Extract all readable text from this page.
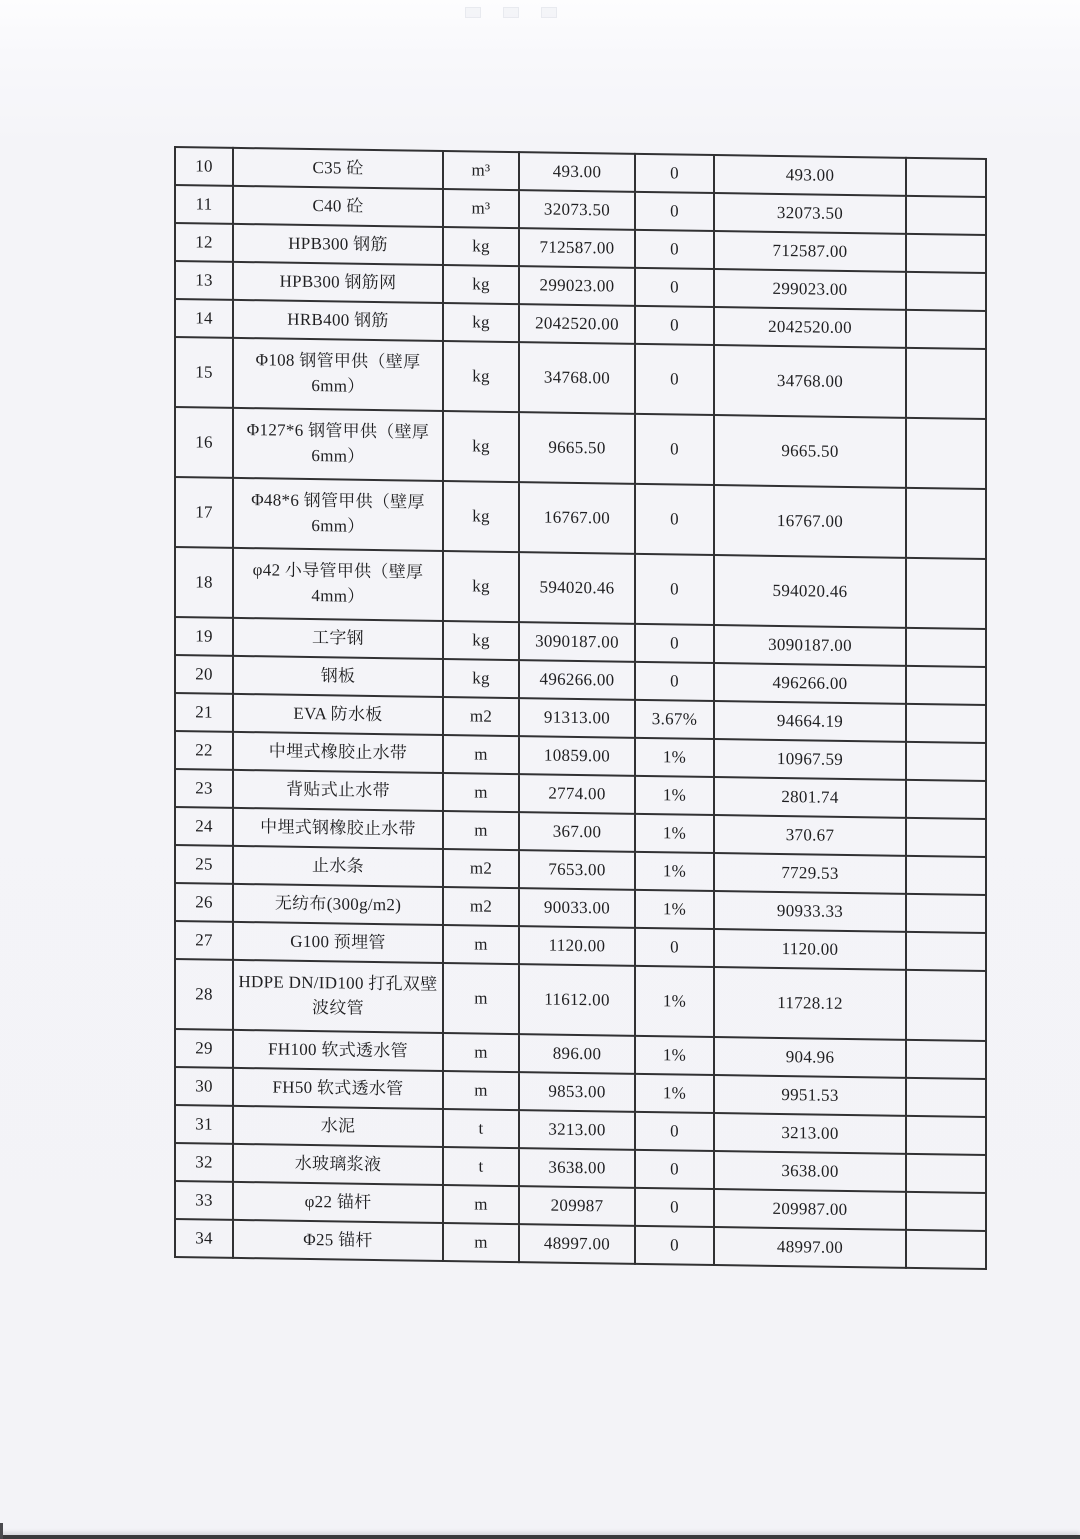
10	C35 砼	m³	493.00	0	493.00	
11	C40 砼	m³	32073.50	0	32073.50	
12	HPB300 钢筋	kg	712587.00	0	712587.00	
13	HPB300 钢筋网	kg	299023.00	0	299023.00	
14	HRB400 钢筋	kg	2042520.00	0	2042520.00	
15	Φ108 钢管甲供（壁厚6mm）	kg	34768.00	0	34768.00	
16	Φ127*6 钢管甲供（壁厚 6mm）	kg	9665.50	0	9665.50	
17	Φ48*6 钢管甲供（壁厚6mm）	kg	16767.00	0	16767.00	
18	φ42 小导管甲供（壁厚4mm）	kg	594020.46	0	594020.46	
19	工字钢	kg	3090187.00	0	3090187.00	
20	钢板	kg	496266.00	0	496266.00	
21	EVA 防水板	m2	91313.00	3.67%	94664.19	
22	中埋式橡胶止水带	m	10859.00	1%	10967.59	
23	背贴式止水带	m	2774.00	1%	2801.74	
24	中埋式钢橡胶止水带	m	367.00	1%	370.67	
25	止水条	m2	7653.00	1%	7729.53	
26	无纺布(300g/m2)	m2	90033.00	1%	90933.33	
27	G100 预埋管	m	1120.00	0	1120.00	
28	HDPE DN/ID100 打孔双壁波纹管	m	11612.00	1%	11728.12	
29	FH100 软式透水管	m	896.00	1%	904.96	
30	FH50 软式透水管	m	9853.00	1%	9951.53	
31	水泥	t	3213.00	0	3213.00	
32	水玻璃浆液	t	3638.00	0	3638.00	
33	φ22 锚杆	m	209987	0	209987.00	
34	Φ25 锚杆	m	48997.00	0	48997.00	
